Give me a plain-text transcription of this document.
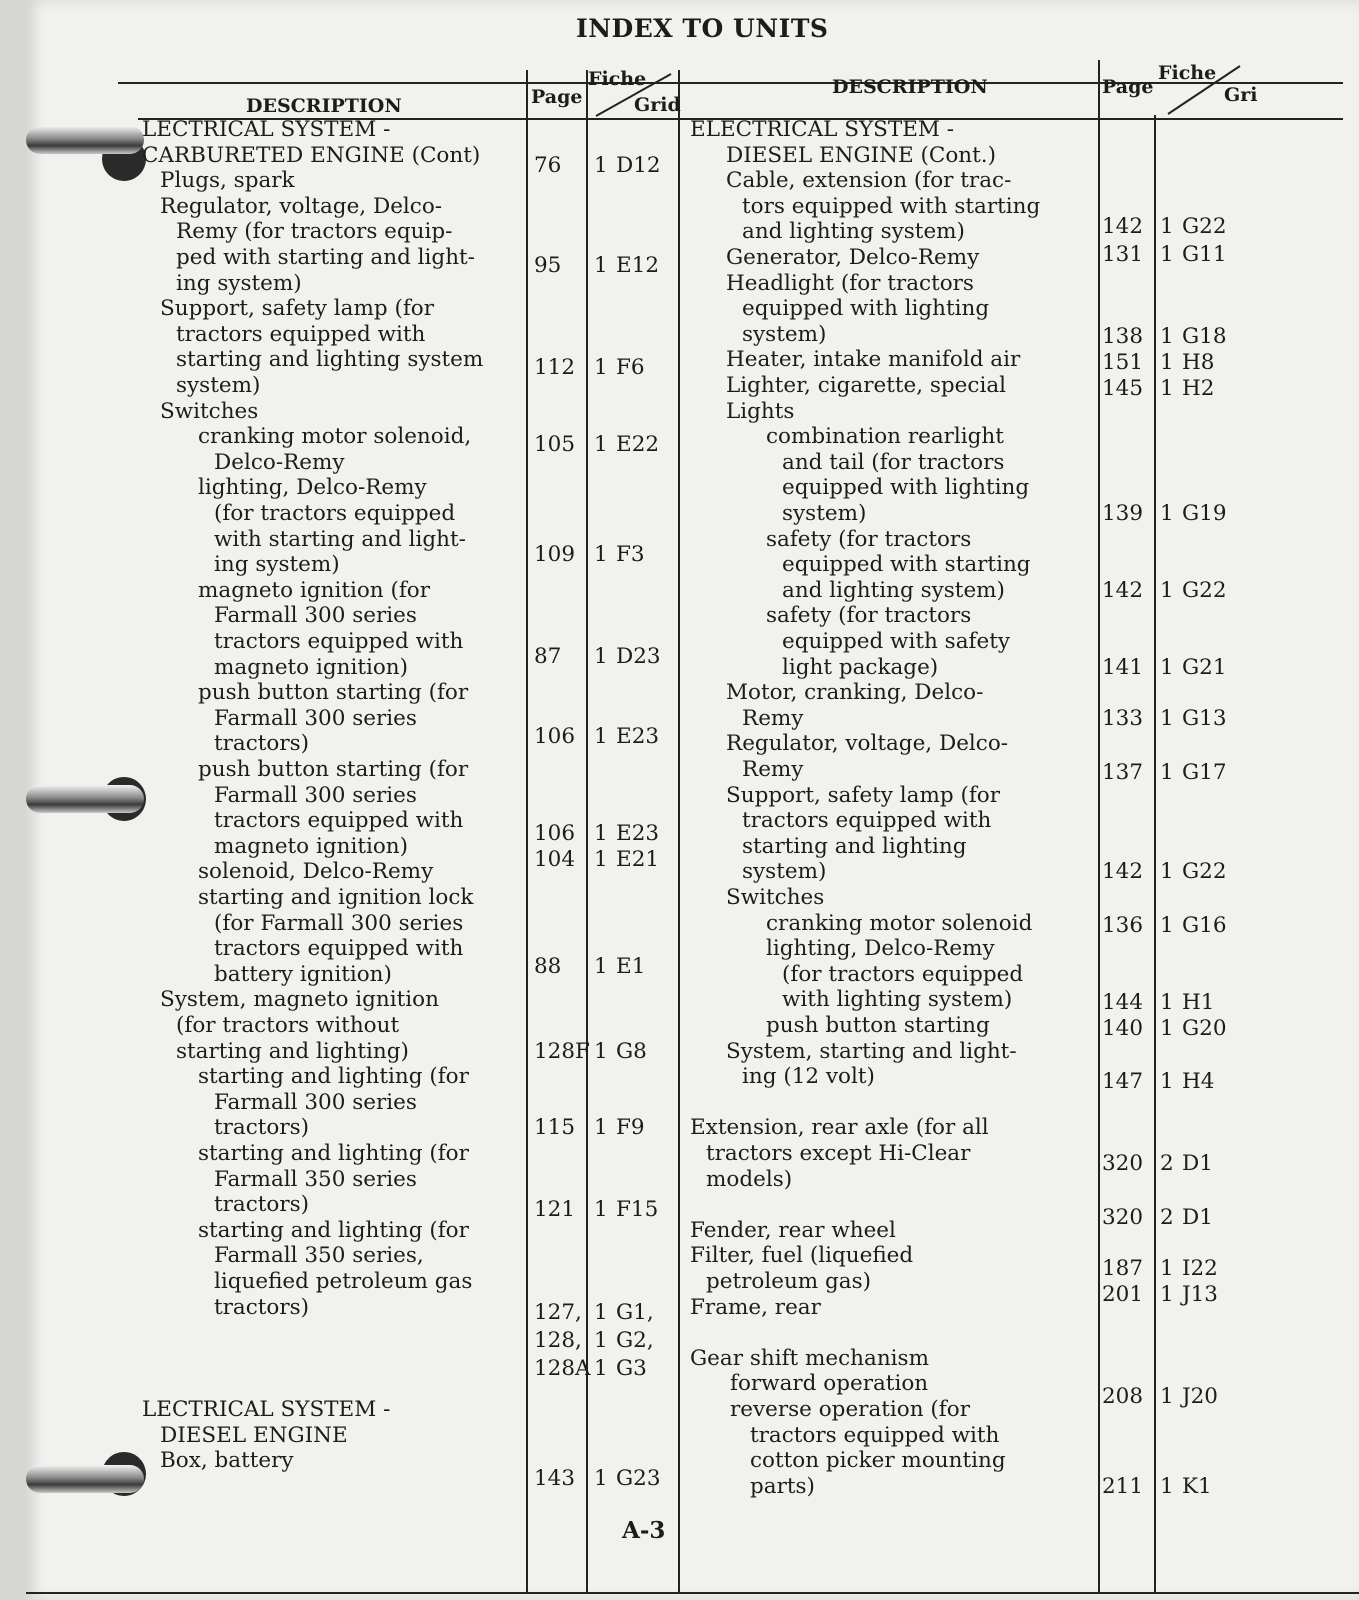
INDEX TO UNITS
DESCRIPTION	Page
Fiche
Grid
DESCRIPTION	Page
Fiche
Gri
LECTRICAL SYSTEM -
CARBURETED ENGINE (Cont)
Plugs, spark
Regulator, voltage, Delco-
Remy (for tractors equip-
ped with starting and light-
ing system)
Support, safety lamp (for
tractors equipped with
starting and lighting system
system)
Switches
cranking motor solenoid,
Delco-Remy
lighting, Delco-Remy
(for tractors equipped
with starting and light-
ing system)
magneto ignition (for
Farmall 300 series
tractors equipped with
magneto ignition)
push button starting (for
Farmall 300 series
tractors)
push button starting (for
Farmall 300 series
tractors equipped with
magneto ignition)
solenoid, Delco-Remy
starting and ignition lock
(for Farmall 300 series
tractors equipped with
battery ignition)
System, magneto ignition
(for tractors without
starting and lighting)
starting and lighting (for
Farmall 300 series
tractors)
starting and lighting (for
Farmall 350 series
tractors)
starting and lighting (for
Farmall 350 series,
liquefied petroleum gas
tractors)
LECTRICAL SYSTEM -
DIESEL ENGINE
Box, battery
76 1 D12
95 1 E12
112 1 F6
105 1 E22
109 1 F3
87 1 D23
106 1 E23
106 1 E23
104 1 E21
88 1 E1
128F 1 G8
115 1 F9
121 1 F15
127, 1 G1,
128, 1 G2,
128A 1 G3
143 1 G23
ELECTRICAL SYSTEM -
DIESEL ENGINE (Cont.)
Cable, extension (for trac-
tors equipped with starting
and lighting system)
Generator, Delco-Remy
Headlight (for tractors
equipped with lighting
system)
Heater, intake manifold air
Lighter, cigarette, special
Lights
combination rearlight
and tail (for tractors
equipped with lighting
system)
safety (for tractors
equipped with starting
and lighting system)
safety (for tractors
equipped with safety
light package)
Motor, cranking, Delco-
Remy
Regulator, voltage, Delco-
Remy
Support, safety lamp (for
tractors equipped with
starting and lighting
system)
Switches
cranking motor solenoid
lighting, Delco-Remy
(for tractors equipped
with lighting system)
push button starting
System, starting and light-
ing (12 volt)
Extension, rear axle (for all
tractors except Hi-Clear
models)
Fender, rear wheel
Filter, fuel (liquefied
petroleum gas)
Frame, rear
Gear shift mechanism
forward operation
reverse operation (for
tractors equipped with
cotton picker mounting
parts)
142 1 G22
131 1 G11
138 1 G18
151 1 H8
145 1 H2
139 1 G19
142 1 G22
141 1 G21
133 1 G13
137 1 G17
142 1 G22
136 1 G16
144 1 H1
140 1 G20
147 1 H4
320 2 D1
320 2 D1
187 1 I22
201 1 J13
208 1 J20
211 1 K1
A-3
